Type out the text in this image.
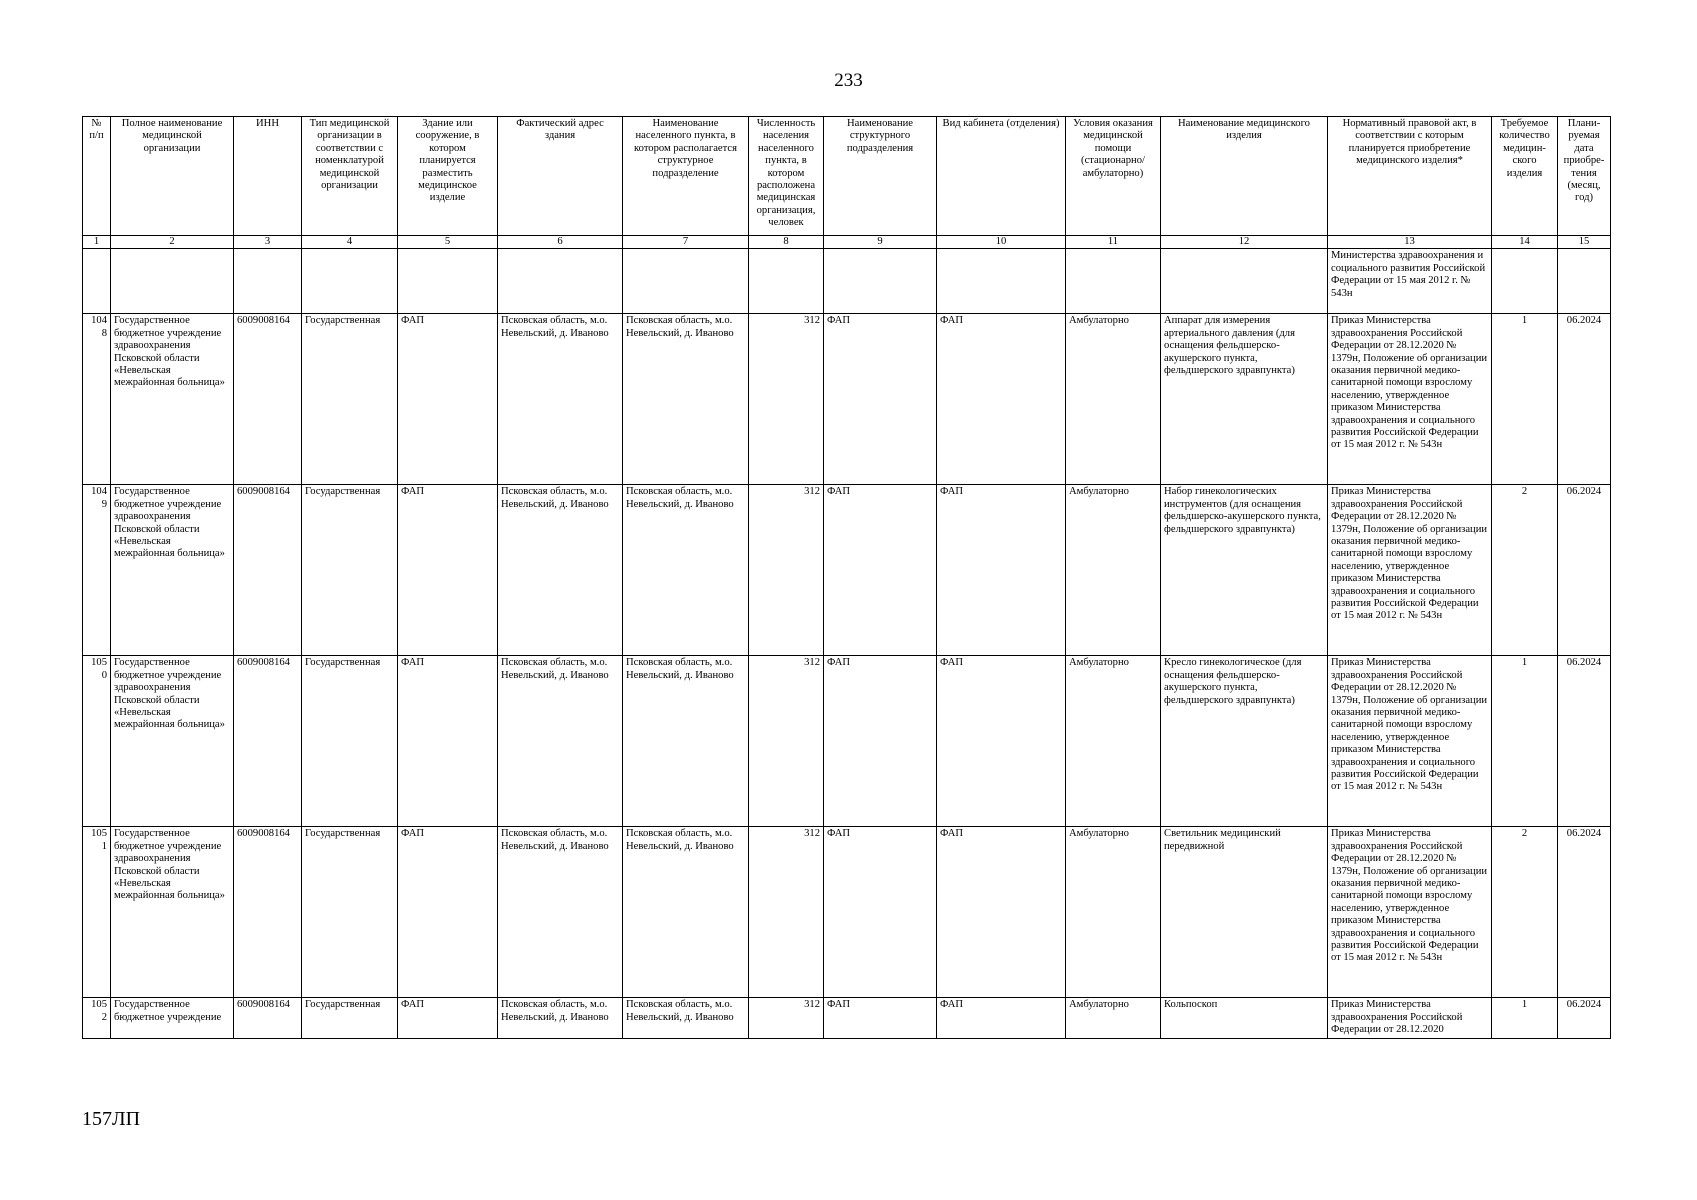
233
№ п/п	Полное наименование медицинской организации	ИНН	Тип медицинской организации в соответствии с номенклатурой медицинской организации	Здание или сооружение, в котором планируется разместить медицинское изделие	Фактический адрес здания	Наименование населенного пункта, в котором располагается структурное подразделение	Численность населения населенного пункта, в котором расположена медицинская организация, человек	Наименование структурного подразделения	Вид кабинета (отделения)	Условия оказания медицинской помощи (стационарно/ амбулаторно)	Наименование медицинского изделия	Нормативный правовой акт, в соответствии с которым планируется приобретение медицинского изделия*	Требуемое количество медицин-ского изделия	Плани-руемая дата приобре-тения (месяц, год)
1	2	3	4	5	6	7	8	9	10	11	12	13	14	15
												Министерства здравоохранения и социального развития Российской Федерации от 15 мая 2012 г. № 543н		
1048	Государственное бюджетное учреждение здравоохранения Псковской области «Невельская межрайонная больница»	6009008164	Государственная	ФАП	Псковская область, м.о. Невельский, д. Иваново	Псковская область, м.о. Невельский, д. Иваново	312	ФАП	ФАП	Амбулаторно	Аппарат для измерения артериального давления (для оснащения фельдшерско-акушерского пункта, фельдшерского здравпункта)	Приказ Министерства здравоохранения Российской Федерации от 28.12.2020 № 1379н, Положение об организации оказания первичной медико-санитарной помощи взрослому населению, утвержденное приказом Министерства здравоохранения и социального развития Российской Федерации от 15 мая 2012 г. № 543н	1	06.2024
1049	Государственное бюджетное учреждение здравоохранения Псковской области «Невельская межрайонная больница»	6009008164	Государственная	ФАП	Псковская область, м.о. Невельский, д. Иваново	Псковская область, м.о. Невельский, д. Иваново	312	ФАП	ФАП	Амбулаторно	Набор гинекологических инструментов (для оснащения фельдшерско-акушерского пункта, фельдшерского здравпункта)	Приказ Министерства здравоохранения Российской Федерации от 28.12.2020 № 1379н, Положение об организации оказания первичной медико-санитарной помощи взрослому населению, утвержденное приказом Министерства здравоохранения и социального развития Российской Федерации от 15 мая 2012 г. № 543н	2	06.2024
1050	Государственное бюджетное учреждение здравоохранения Псковской области «Невельская межрайонная больница»	6009008164	Государственная	ФАП	Псковская область, м.о. Невельский, д. Иваново	Псковская область, м.о. Невельский, д. Иваново	312	ФАП	ФАП	Амбулаторно	Кресло гинекологическое (для оснащения фельдшерско-акушерского пункта, фельдшерского здравпункта)	Приказ Министерства здравоохранения Российской Федерации от 28.12.2020 № 1379н, Положение об организации оказания первичной медико-санитарной помощи взрослому населению, утвержденное приказом Министерства здравоохранения и социального развития Российской Федерации от 15 мая 2012 г. № 543н	1	06.2024
1051	Государственное бюджетное учреждение здравоохранения Псковской области «Невельская межрайонная больница»	6009008164	Государственная	ФАП	Псковская область, м.о. Невельский, д. Иваново	Псковская область, м.о. Невельский, д. Иваново	312	ФАП	ФАП	Амбулаторно	Светильник медицинский передвижной	Приказ Министерства здравоохранения Российской Федерации от 28.12.2020 № 1379н, Положение об организации оказания первичной медико-санитарной помощи взрослому населению, утвержденное приказом Министерства здравоохранения и социального развития Российской Федерации от 15 мая 2012 г. № 543н	2	06.2024
1052	Государственное бюджетное учреждение	6009008164	Государственная	ФАП	Псковская область, м.о. Невельский, д. Иваново	Псковская область, м.о. Невельский, д. Иваново	312	ФАП	ФАП	Амбулаторно	Кольпоскоп	Приказ Министерства здравоохранения Российской Федерации от 28.12.2020	1	06.2024
157ЛП
